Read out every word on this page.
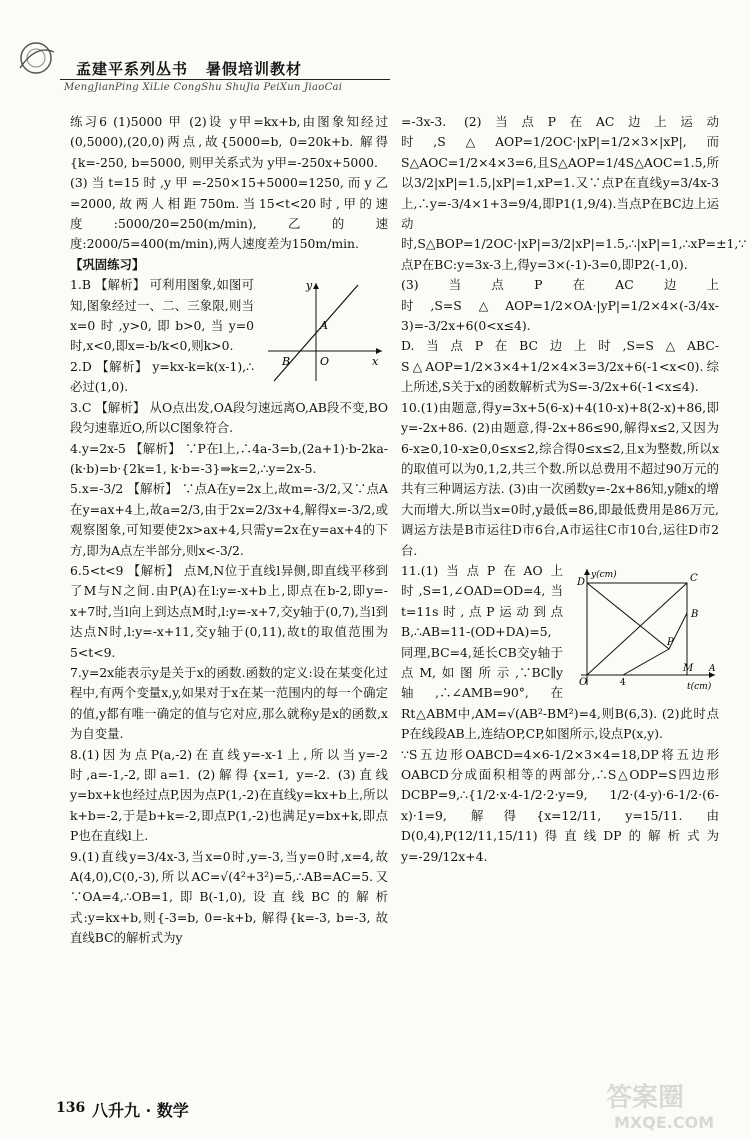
孟建平系列丛书 暑假培训教材
MengJianPing XiLie CongShu ShuJia PeiXun JiaoCai

练习6 (1)5000 甲 (2)设 y甲=kx+b,由图象知经过(0,5000),(20,0)两点,故{5000=b, 0=20k+b. 解得{k=-250, b=5000, 则甲关系式为 y甲=-250x+5000.

(3)当t=15时,y甲=-250×15+5000=1250,而y乙=2000,故两人相距750m.当15<t<20时,甲的速度:5000/20=250(m/min),乙的速度:2000/5=400(m/min),两人速度差为150m/min.

【巩固练习】

y
x
A
B	O
1.B 【解析】 可利用图象,如图可知,图象经过一、二、三象限,则当x=0时,y>0,即b>0,当y=0时,x<0,即x=-b/k<0,则k>0.

2.D 【解析】 y=kx-k=k(x-1),∴必过(1,0).

3.C 【解析】 从O点出发,OA段匀速远离O,AB段不变,BO段匀速靠近O,所以C图象符合.

4.y=2x-5 【解析】 ∵P在l上,∴4a-3=b,(2a+1)·b-2ka-(k·b)=b·{2k=1, k·b=-3}⇒k=2,∴y=2x-5.

5.x=-3/2 【解析】 ∵点A在y=2x上,故m=-3/2,又∵点A在y=ax+4上,故a=2/3,由于2x=2/3x+4,解得x=-3/2,或观察图象,可知要使2x>ax+4,只需y=2x在y=ax+4的下方,即为A点左半部分,则x<-3/2.

6.5<t<9 【解析】 点M,N位于直线l异侧,即直线平移到了M与N之间.由P(A)在l:y=-x+b上,即点在b-2,即y=-x+7时,当l向上到达点M时,l:y=-x+7,交y轴于(0,7),当l到达点N时,l:y=-x+11,交y轴于(0,11),故t的取值范围为5<t<9.

7.y=2x能表示y是关于x的函数.函数的定义:设在某变化过程中,有两个变量x,y,如果对于x在某一范围内的每一个确定的值,y都有唯一确定的值与它对应,那么就称y是x的函数,x为自变量.

8.(1)因为点P(a,-2)在直线y=-x-1上,所以当y=-2时,a=-1,-2,即a=1. (2)解得{x=1, y=-2. (3)直线y=bx+k也经过点P,因为点P(1,-2)在直线y=kx+b上,所以k+b=-2,于是b+k=-2,即点P(1,-2)也满足y=bx+k,即点P也在直线l上.

9.(1)直线y=3/4x-3,当x=0时,y=-3,当y=0时,x=4,故A(4,0),C(0,-3),所以AC=√(4²+3²)=5,∴AB=AC=5.又∵OA=4,∴OB=1,即B(-1,0),设直线BC的解析式:y=kx+b,则{-3=b, 0=-k+b, 解得{k=-3, b=-3, 故直线BC的解析式为y

=-3x-3. (2)当点P在AC边上运动时,S△AOP=1/2OC·|xP|=1/2×3×|xP|,而S△AOC=1/2×4×3=6,且S△AOP=1/4S△AOC=1.5,所以3/2|xP|=1.5,|xP|=1,xP=1.又∵点P在直线y=3/4x-3上,∴y=-3/4×1+3=9/4,即P1(1,9/4).当点P在BC边上运动时,S△BOP=1/2OC·|xP|=3/2|xP|=1.5,∴|xP|=1,∴xP=±1,∵点P在BC:y=3x-3上,得y=3×(-1)-3=0,即P2(-1,0).

(3)当点P在AC边上时,S=S△AOP=1/2×OA·|yP|=1/2×4×(-3/4x-3)=-3/2x+6(0<x≤4).

D.当点P在BC边上时,S=S△ABC-S△AOP=1/2×3×4+1/2×4×3=3/2x+6(-1<x<0).综上所述,S关于x的函数解析式为S=-3/2x+6(-1<x≤4).

10.(1)由题意,得y=3x+5(6-x)+4(10-x)+8(2-x)+86,即y=-2x+86. (2)由题意,得-2x+86≤90,解得x≤2,又因为6-x≥0,10-x≥0,0≤x≤2,综合得0≤x≤2,且x为整数,所以x的取值可以为0,1,2,共三个数.所以总费用不超过90万元的共有三种调运方法. (3)由一次函数y=-2x+86知,y随x的增大而增大.所以当x=0时,y最低=86,即最低费用是86万元,调运方法是B市运往D市6台,A市运往C市10台,运往D市2台.

y(cm)
t(cm)
D	C
B
P
M
O	4
A
11.(1)当点P在AO上时,S=1,∠OAD=OD=4,当t=11s时,点P运动到点B,∴AB=11-(OD+DA)=5,同理,BC=4,延长CB交y轴于点M,如图所示,∵BC∥y轴,∴∠AMB=90°,在Rt△ABM中,AM=√(AB²-BM²)=4,则B(6,3). (2)此时点P在线段AB上,连结OP,CP,如图所示,设点P(x,y).

∵S五边形OABCD=4×6-1/2×3×4=18,DP将五边形OABCD分成面积相等的两部分,∴S△ODP=S四边形DCBP=9,∴{1/2·x·4-1/2·2·y=9, 1/2·(4-y)·6-1/2·(6-x)·1=9, 解得{x=12/11, y=15/11. 由D(0,4),P(12/11,15/11)得直线DP的解析式为y=-29/12x+4.

136 八升九 · 数学	答案圈
MXQE.COM
